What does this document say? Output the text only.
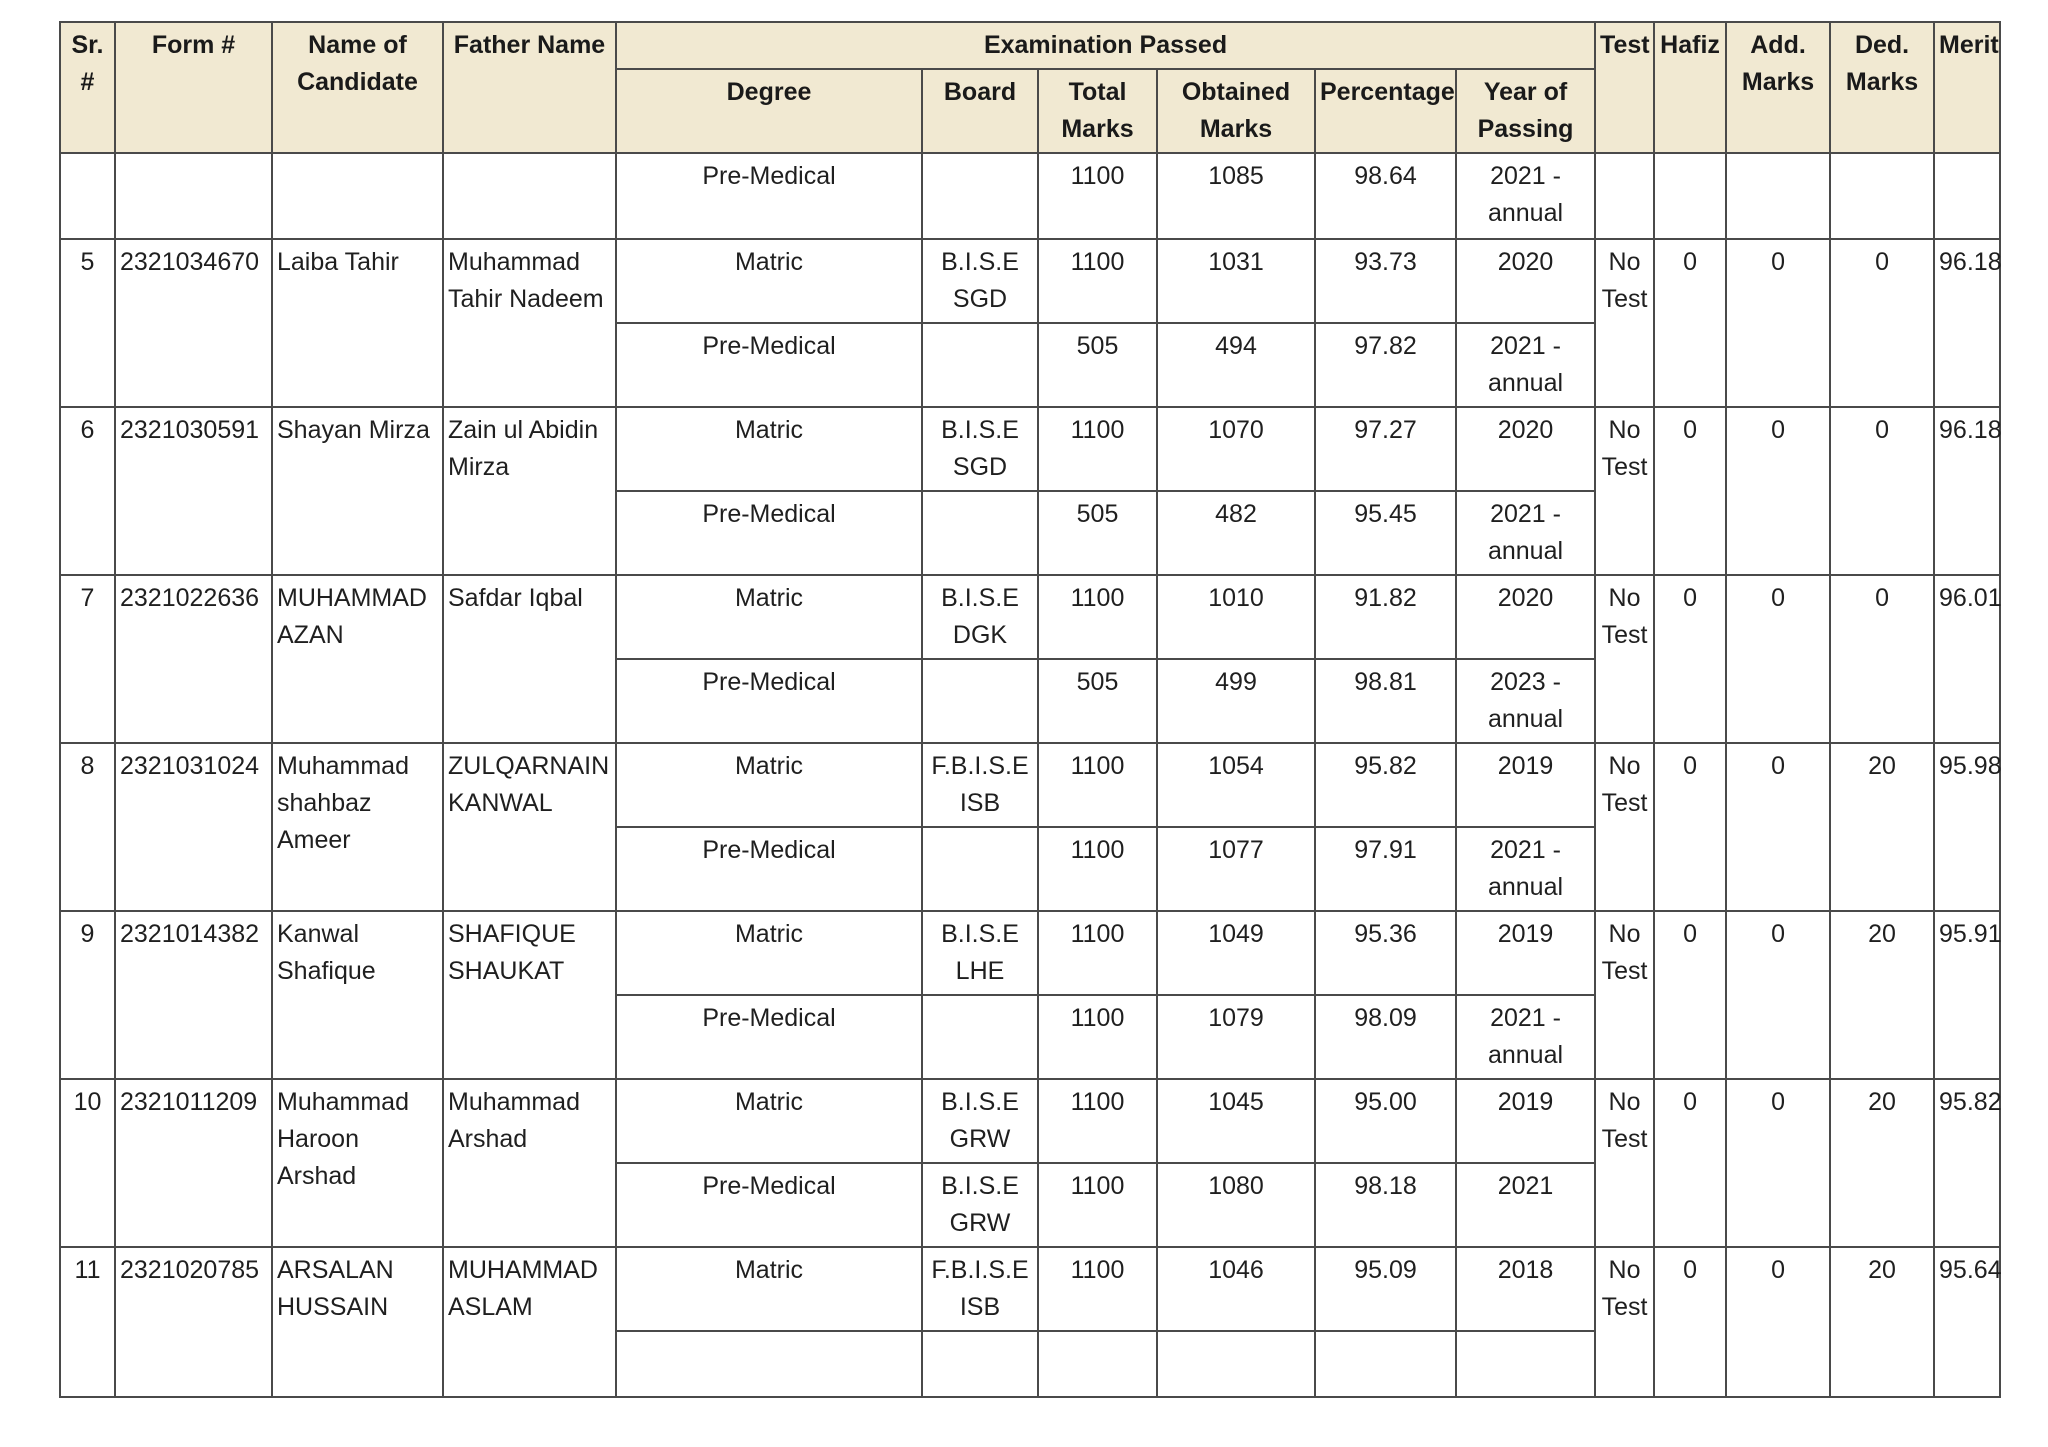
Sr. #	Form #	Name of Candidate	Father Name	Examination Passed						Test	Hafiz	Add. Marks	Ded. Marks	Merit
				Degree	Board	Total Marks	Obtained Marks	Percentage	Year of Passing					
				Pre-Medical		1100	1085	98.64	2021 - annual					
5	2321034670	Laiba Tahir	Muhammad Tahir Nadeem	Matric	B.I.S.E SGD	1100	1031	93.73	2020	No Test	0	0	0	96.18
				Pre-Medical		505	494	97.82	2021 - annual					
6	2321030591	Shayan Mirza	Zain ul Abidin Mirza	Matric	B.I.S.E SGD	1100	1070	97.27	2020	No Test	0	0	0	96.18
				Pre-Medical		505	482	95.45	2021 - annual					
7	2321022636	MUHAMMAD AZAN	Safdar Iqbal	Matric	B.I.S.E DGK	1100	1010	91.82	2020	No Test	0	0	0	96.01
				Pre-Medical		505	499	98.81	2023 - annual					
8	2321031024	Muhammad shahbaz Ameer	ZULQARNAIN KANWAL	Matric	F.B.I.S.E ISB	1100	1054	95.82	2019	No Test	0	0	20	95.98
				Pre-Medical		1100	1077	97.91	2021 - annual					
9	2321014382	Kanwal Shafique	SHAFIQUE SHAUKAT	Matric	B.I.S.E LHE	1100	1049	95.36	2019	No Test	0	0	20	95.91
				Pre-Medical		1100	1079	98.09	2021 - annual					
10	2321011209	Muhammad Haroon Arshad	Muhammad Arshad	Matric	B.I.S.E GRW	1100	1045	95.00	2019	No Test	0	0	20	95.82
				Pre-Medical	B.I.S.E GRW	1100	1080	98.18	2021					
11	2321020785	ARSALAN HUSSAIN	MUHAMMAD ASLAM	Matric	F.B.I.S.E ISB	1100	1046	95.09	2018	No Test	0	0	20	95.64
